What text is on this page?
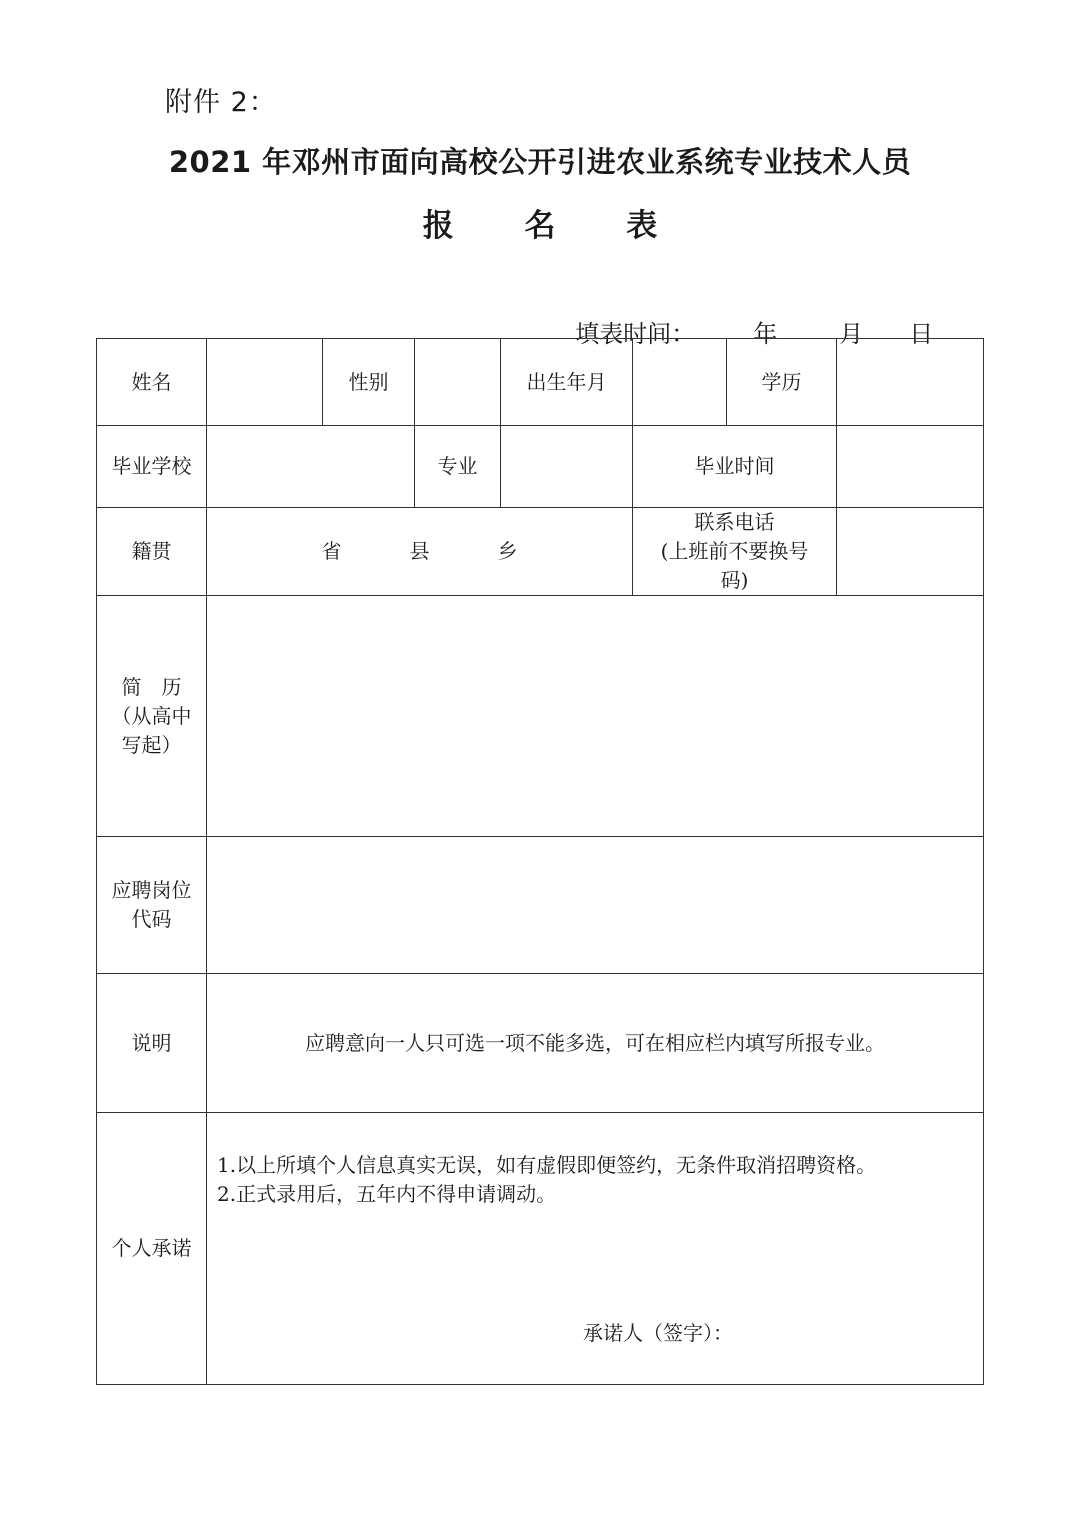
附件 2：
2021 年邓州市面向高校公开引进农业系统专业技术人员
报 名 表

填表时间： 年	月 日

姓名		性别		出生年月		学历	
毕业学校			专业		毕业时间		
籍贯	省 县 乡				联系电话
(上班前不要换号
码)		

简　历
（从高中
写起）							

应聘岗位
代码							

说明	应聘意向一人只可选一项不能多选，可在相应栏内填写所报专业。						
个人承诺	1.以上所填个人信息真实无误，如有虚假即便签约，无条件取消招聘资格。
2.正式录用后，五年内不得申请调动。
承诺人（签字）：						
